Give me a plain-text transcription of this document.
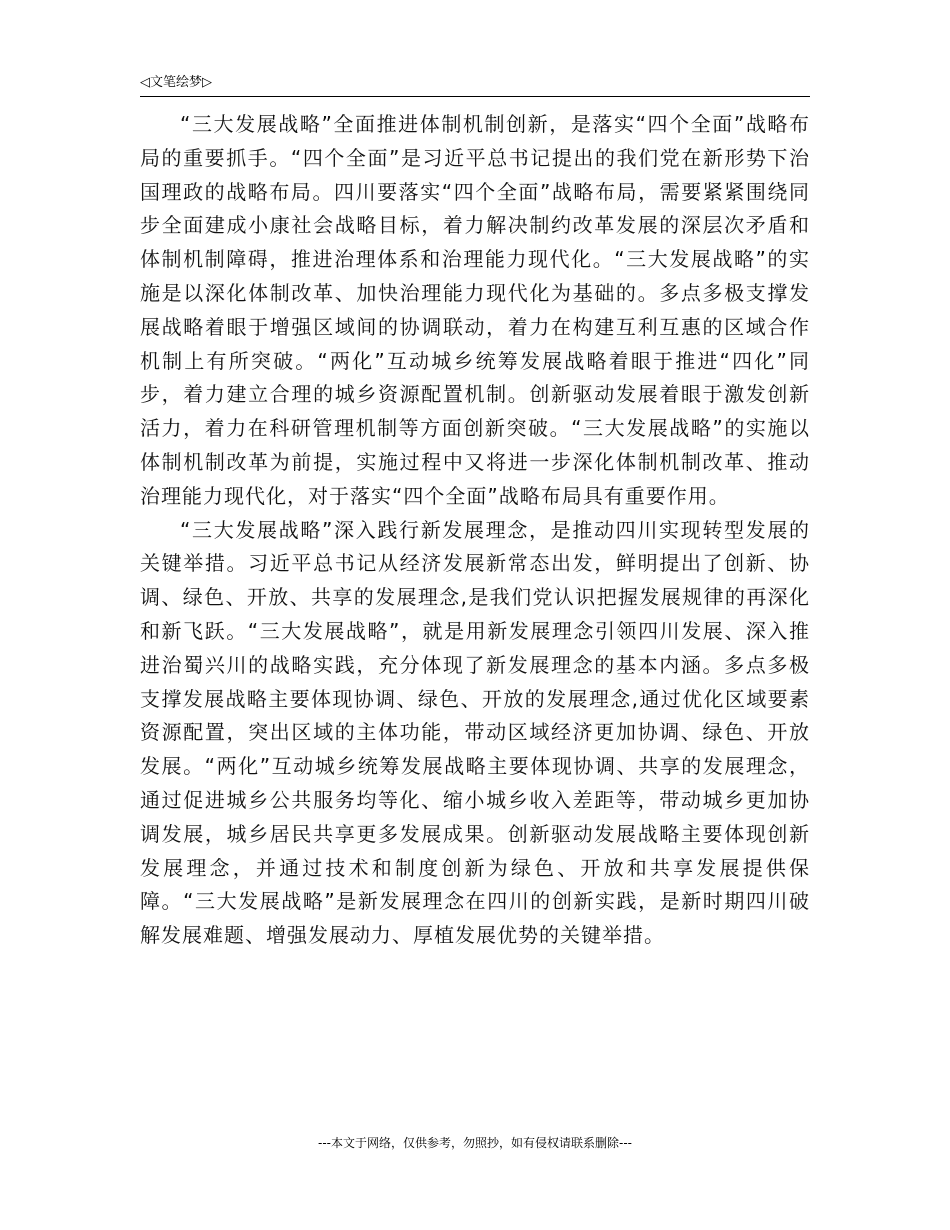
◁文笔绘梦▷

“三大发展战略”全面推进体制机制创新，是落实“四个全面”战略布局的重要抓手。“四个全面”是习近平总书记提出的我们党在新形势下治国理政的战略布局。四川要落实“四个全面”战略布局，需要紧紧围绕同步全面建成小康社会战略目标，着力解决制约改革发展的深层次矛盾和体制机制障碍，推进治理体系和治理能力现代化。“三大发展战略”的实施是以深化体制改革、加快治理能力现代化为基础的。多点多极支撑发展战略着眼于增强区域间的协调联动，着力在构建互利互惠的区域合作机制上有所突破。“两化”互动城乡统筹发展战略着眼于推进“四化”同步，着力建立合理的城乡资源配置机制。创新驱动发展着眼于激发创新活力，着力在科研管理机制等方面创新突破。“三大发展战略”的实施以体制机制改革为前提，实施过程中又将进一步深化体制机制改革、推动治理能力现代化，对于落实“四个全面”战略布局具有重要作用。

“三大发展战略”深入践行新发展理念，是推动四川实现转型发展的关键举措。习近平总书记从经济发展新常态出发，鲜明提出了创新、协调、绿色、开放、共享的发展理念,是我们党认识把握发展规律的再深化和新飞跃。“三大发展战略”，就是用新发展理念引领四川发展、深入推进治蜀兴川的战略实践，充分体现了新发展理念的基本内涵。多点多极支撑发展战略主要体现协调、绿色、开放的发展理念,通过优化区域要素资源配置，突出区域的主体功能，带动区域经济更加协调、绿色、开放发展。“两化”互动城乡统筹发展战略主要体现协调、共享的发展理念，通过促进城乡公共服务均等化、缩小城乡收入差距等，带动城乡更加协调发展，城乡居民共享更多发展成果。创新驱动发展战略主要体现创新发展理念，并通过技术和制度创新为绿色、开放和共享发展提供保障。“三大发展战略”是新发展理念在四川的创新实践，是新时期四川破解发展难题、增强发展动力、厚植发展优势的关键举措。

---本文于网络，仅供参考，勿照抄，如有侵权请联系删除---
